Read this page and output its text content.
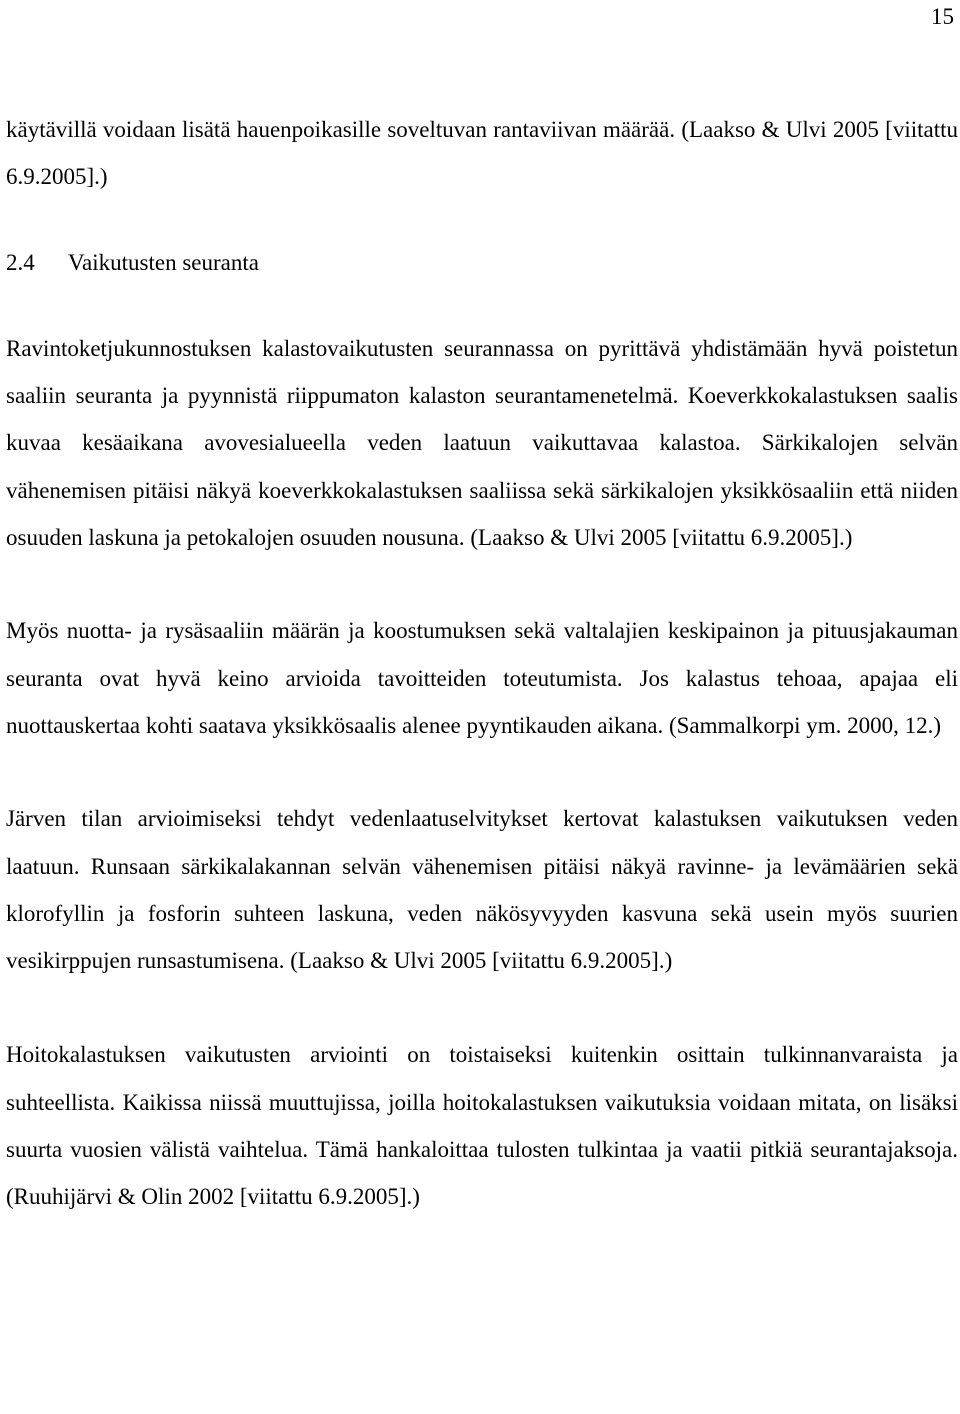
15

käytävillä voidaan lisätä hauenpoikasille soveltuvan rantaviivan määrää. (Laakso & Ulvi 2005 [viitattu 6.9.2005].)

2.4 Vaikutusten seuranta

Ravintoketjukunnostuksen kalastovaikutusten seurannassa on pyrittävä yhdistämään hyvä poistetun saaliin seuranta ja pyynnistä riippumaton kalaston seurantamenetelmä. Koeverkkokalastuksen saalis kuvaa kesäaikana avovesialueella veden laatuun vaikuttavaa kalastoa. Särkikalojen selvän vähenemisen pitäisi näkyä koeverkkokalastuksen saaliissa sekä särkikalojen yksikkösaaliin että niiden osuuden laskuna ja petokalojen osuuden nousuna. (Laakso & Ulvi 2005 [viitattu 6.9.2005].)

Myös nuotta- ja rysäsaaliin määrän ja koostumuksen sekä valtalajien keskipainon ja pituusjakauman seuranta ovat hyvä keino arvioida tavoitteiden toteutumista. Jos kalastus tehoaa, apajaa eli nuottauskertaa kohti saatava yksikkösaalis alenee pyyntikauden aikana. (Sammalkorpi ym. 2000, 12.)

Järven tilan arvioimiseksi tehdyt vedenlaatuselvitykset kertovat kalastuksen vaikutuksen veden laatuun. Runsaan särkikalakannan selvän vähenemisen pitäisi näkyä ravinne- ja levämäärien sekä klorofyllin ja fosforin suhteen laskuna, veden näkösyvyyden kasvuna sekä usein myös suurien vesikirppujen runsastumisena. (Laakso & Ulvi 2005 [viitattu 6.9.2005].)

Hoitokalastuksen vaikutusten arviointi on toistaiseksi kuitenkin osittain tulkinnanvaraista ja suhteellista. Kaikissa niissä muuttujissa, joilla hoitokalastuksen vaikutuksia voidaan mitata, on lisäksi suurta vuosien välistä vaihtelua. Tämä hankaloittaa tulosten tulkintaa ja vaatii pitkiä seurantajaksoja. (Ruuhijärvi & Olin 2002 [viitattu 6.9.2005].)
